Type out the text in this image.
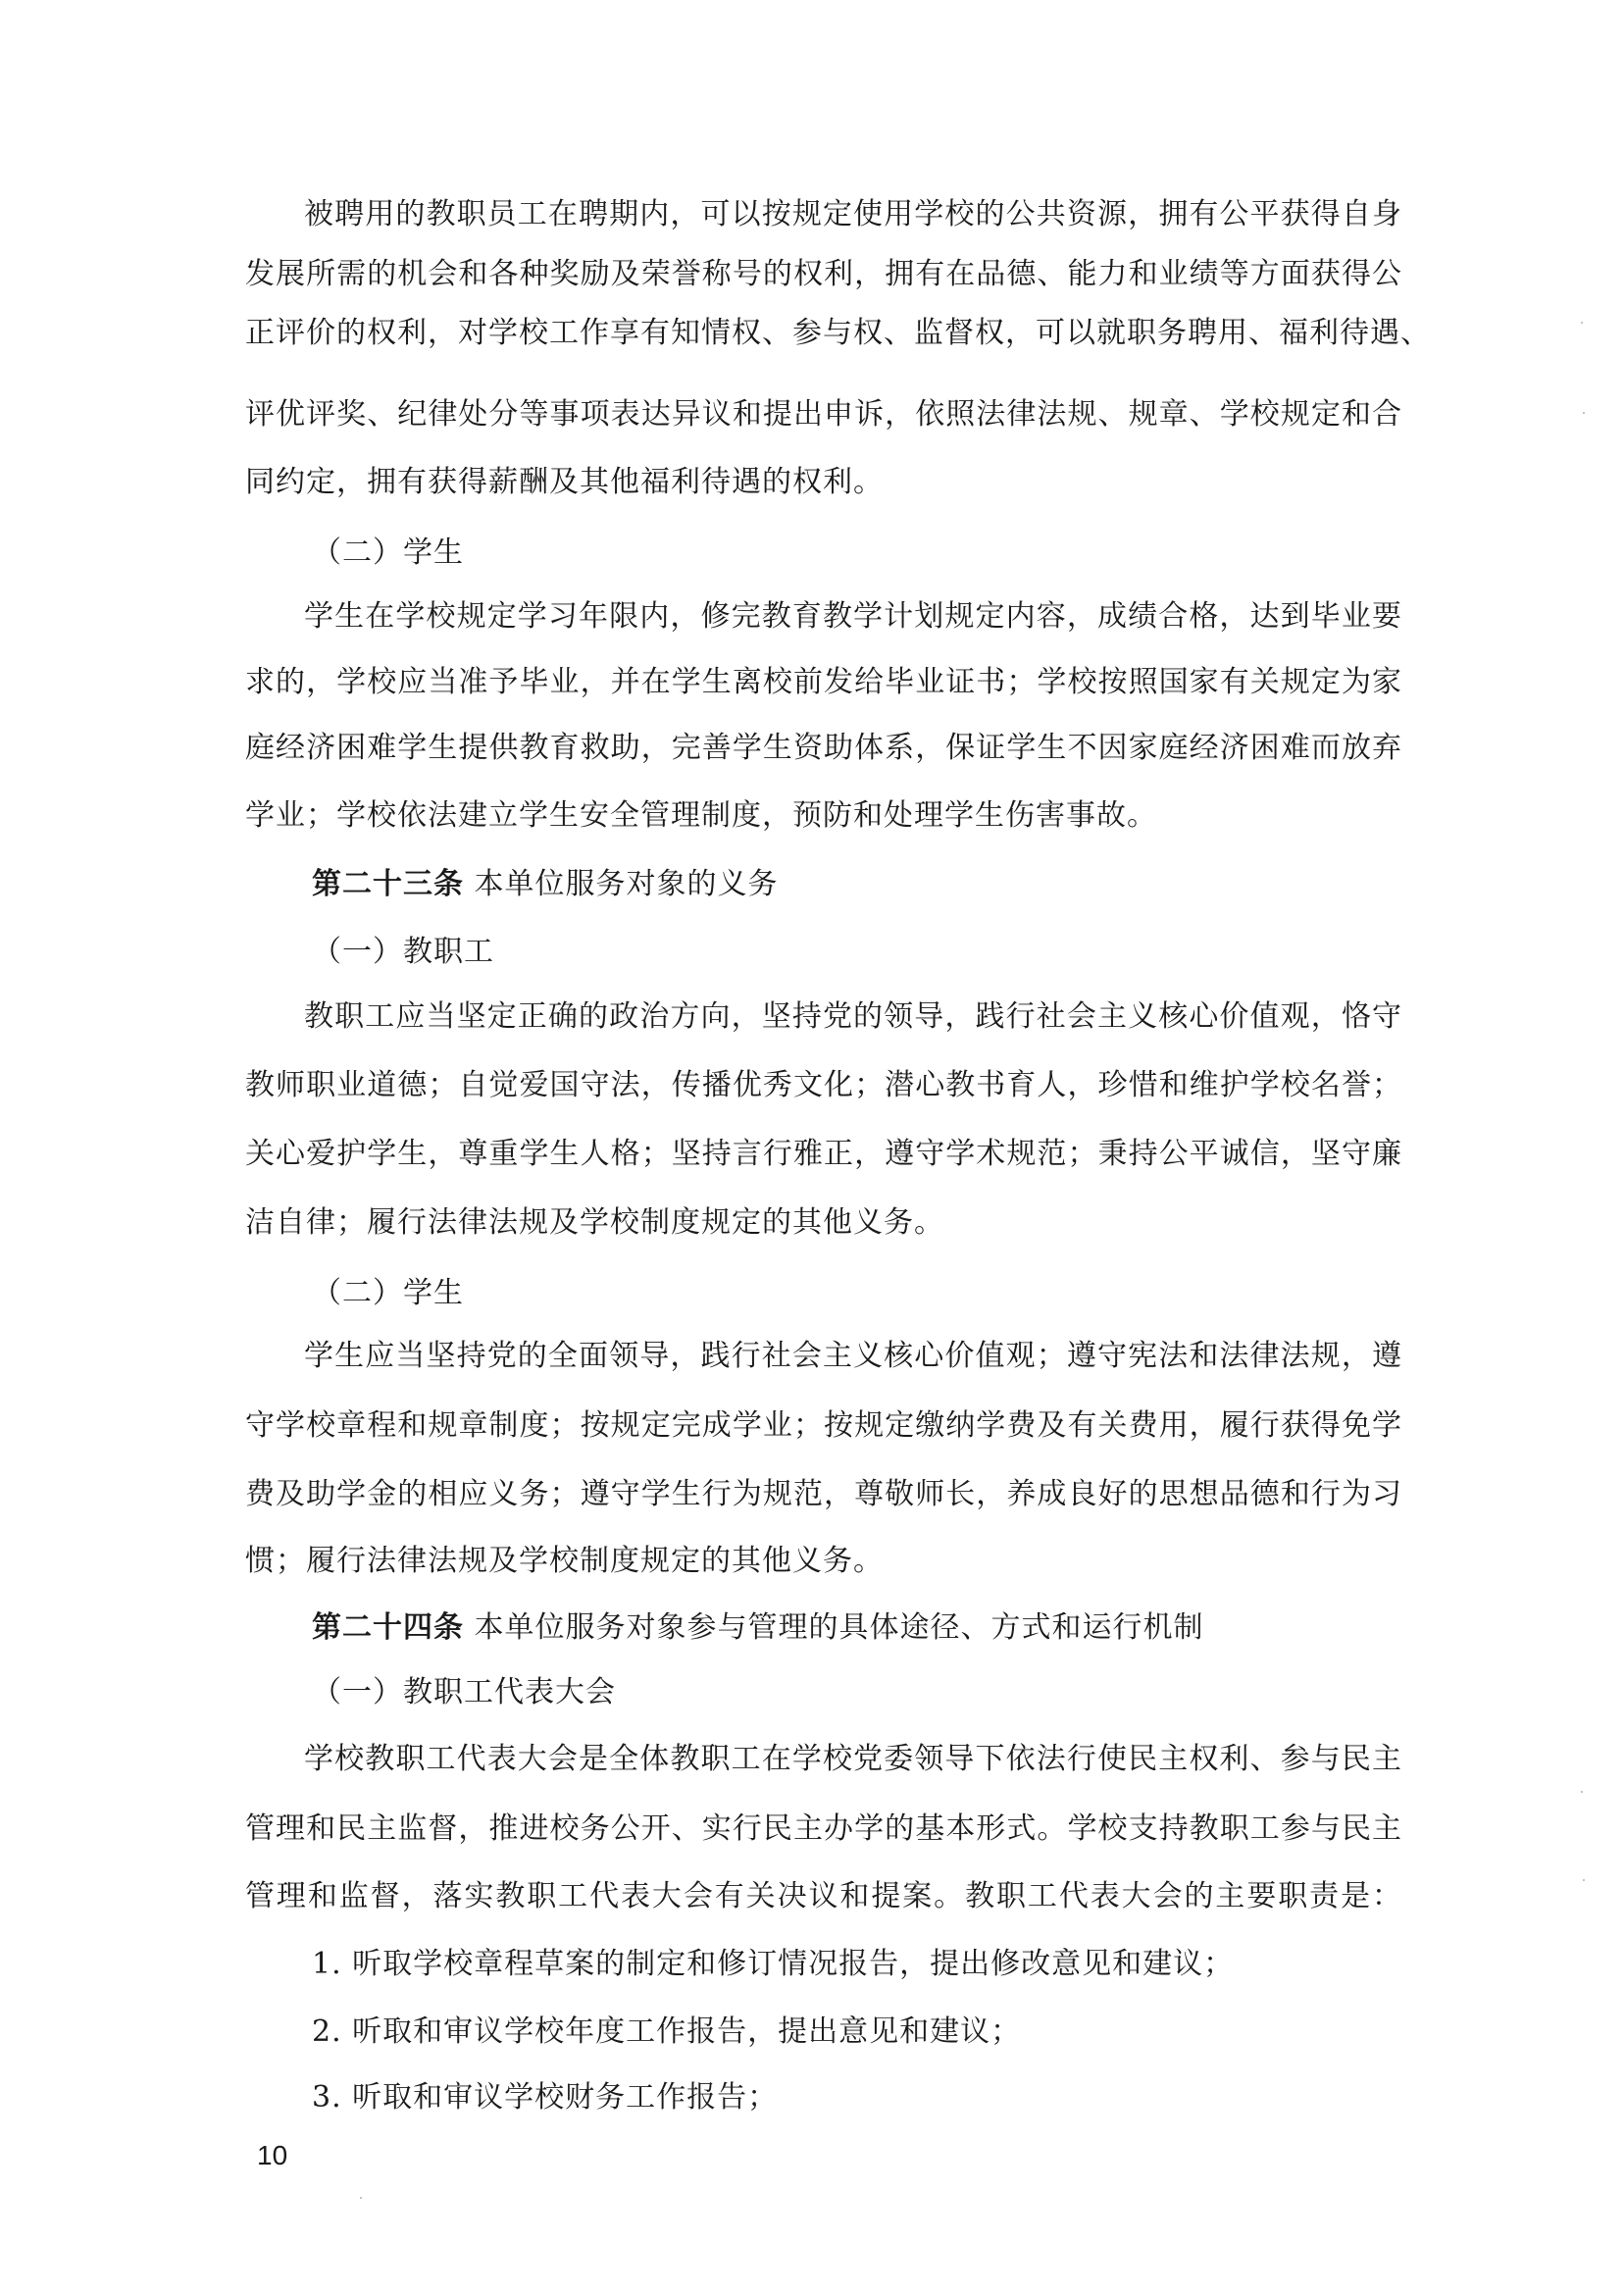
被聘用的教职员工在聘期内，可以按规定使用学校的公共资源，拥有公平获得自身
发展所需的机会和各种奖励及荣誉称号的权利，拥有在品德、能力和业绩等方面获得公
正评价的权利，对学校工作享有知情权、参与权、监督权，可以就职务聘用、福利待遇、
评优评奖、纪律处分等事项表达异议和提出申诉，依照法律法规、规章、学校规定和合
同约定，拥有获得薪酬及其他福利待遇的权利。
（二）学生
学生在学校规定学习年限内，修完教育教学计划规定内容，成绩合格，达到毕业要
求的，学校应当准予毕业，并在学生离校前发给毕业证书；学校按照国家有关规定为家
庭经济困难学生提供教育救助，完善学生资助体系，保证学生不因家庭经济困难而放弃
学业；学校依法建立学生安全管理制度，预防和处理学生伤害事故。
第二十三条 本单位服务对象的义务
（一）教职工
教职工应当坚定正确的政治方向，坚持党的领导，践行社会主义核心价值观，恪守
教师职业道德；自觉爱国守法，传播优秀文化；潜心教书育人，珍惜和维护学校名誉；
关心爱护学生，尊重学生人格；坚持言行雅正，遵守学术规范；秉持公平诚信，坚守廉
洁自律；履行法律法规及学校制度规定的其他义务。
（二）学生
学生应当坚持党的全面领导，践行社会主义核心价值观；遵守宪法和法律法规，遵
守学校章程和规章制度；按规定完成学业；按规定缴纳学费及有关费用，履行获得免学
费及助学金的相应义务；遵守学生行为规范，尊敬师长，养成良好的思想品德和行为习
惯；履行法律法规及学校制度规定的其他义务。
第二十四条 本单位服务对象参与管理的具体途径、方式和运行机制
（一）教职工代表大会
学校教职工代表大会是全体教职工在学校党委领导下依法行使民主权利、参与民主
管理和民主监督，推进校务公开、实行民主办学的基本形式。学校支持教职工参与民主
管理和监督，落实教职工代表大会有关决议和提案。教职工代表大会的主要职责是：
1. 听取学校章程草案的制定和修订情况报告，提出修改意见和建议；
2. 听取和审议学校年度工作报告，提出意见和建议；
3. 听取和审议学校财务工作报告；
10
·
·
·
·
·
